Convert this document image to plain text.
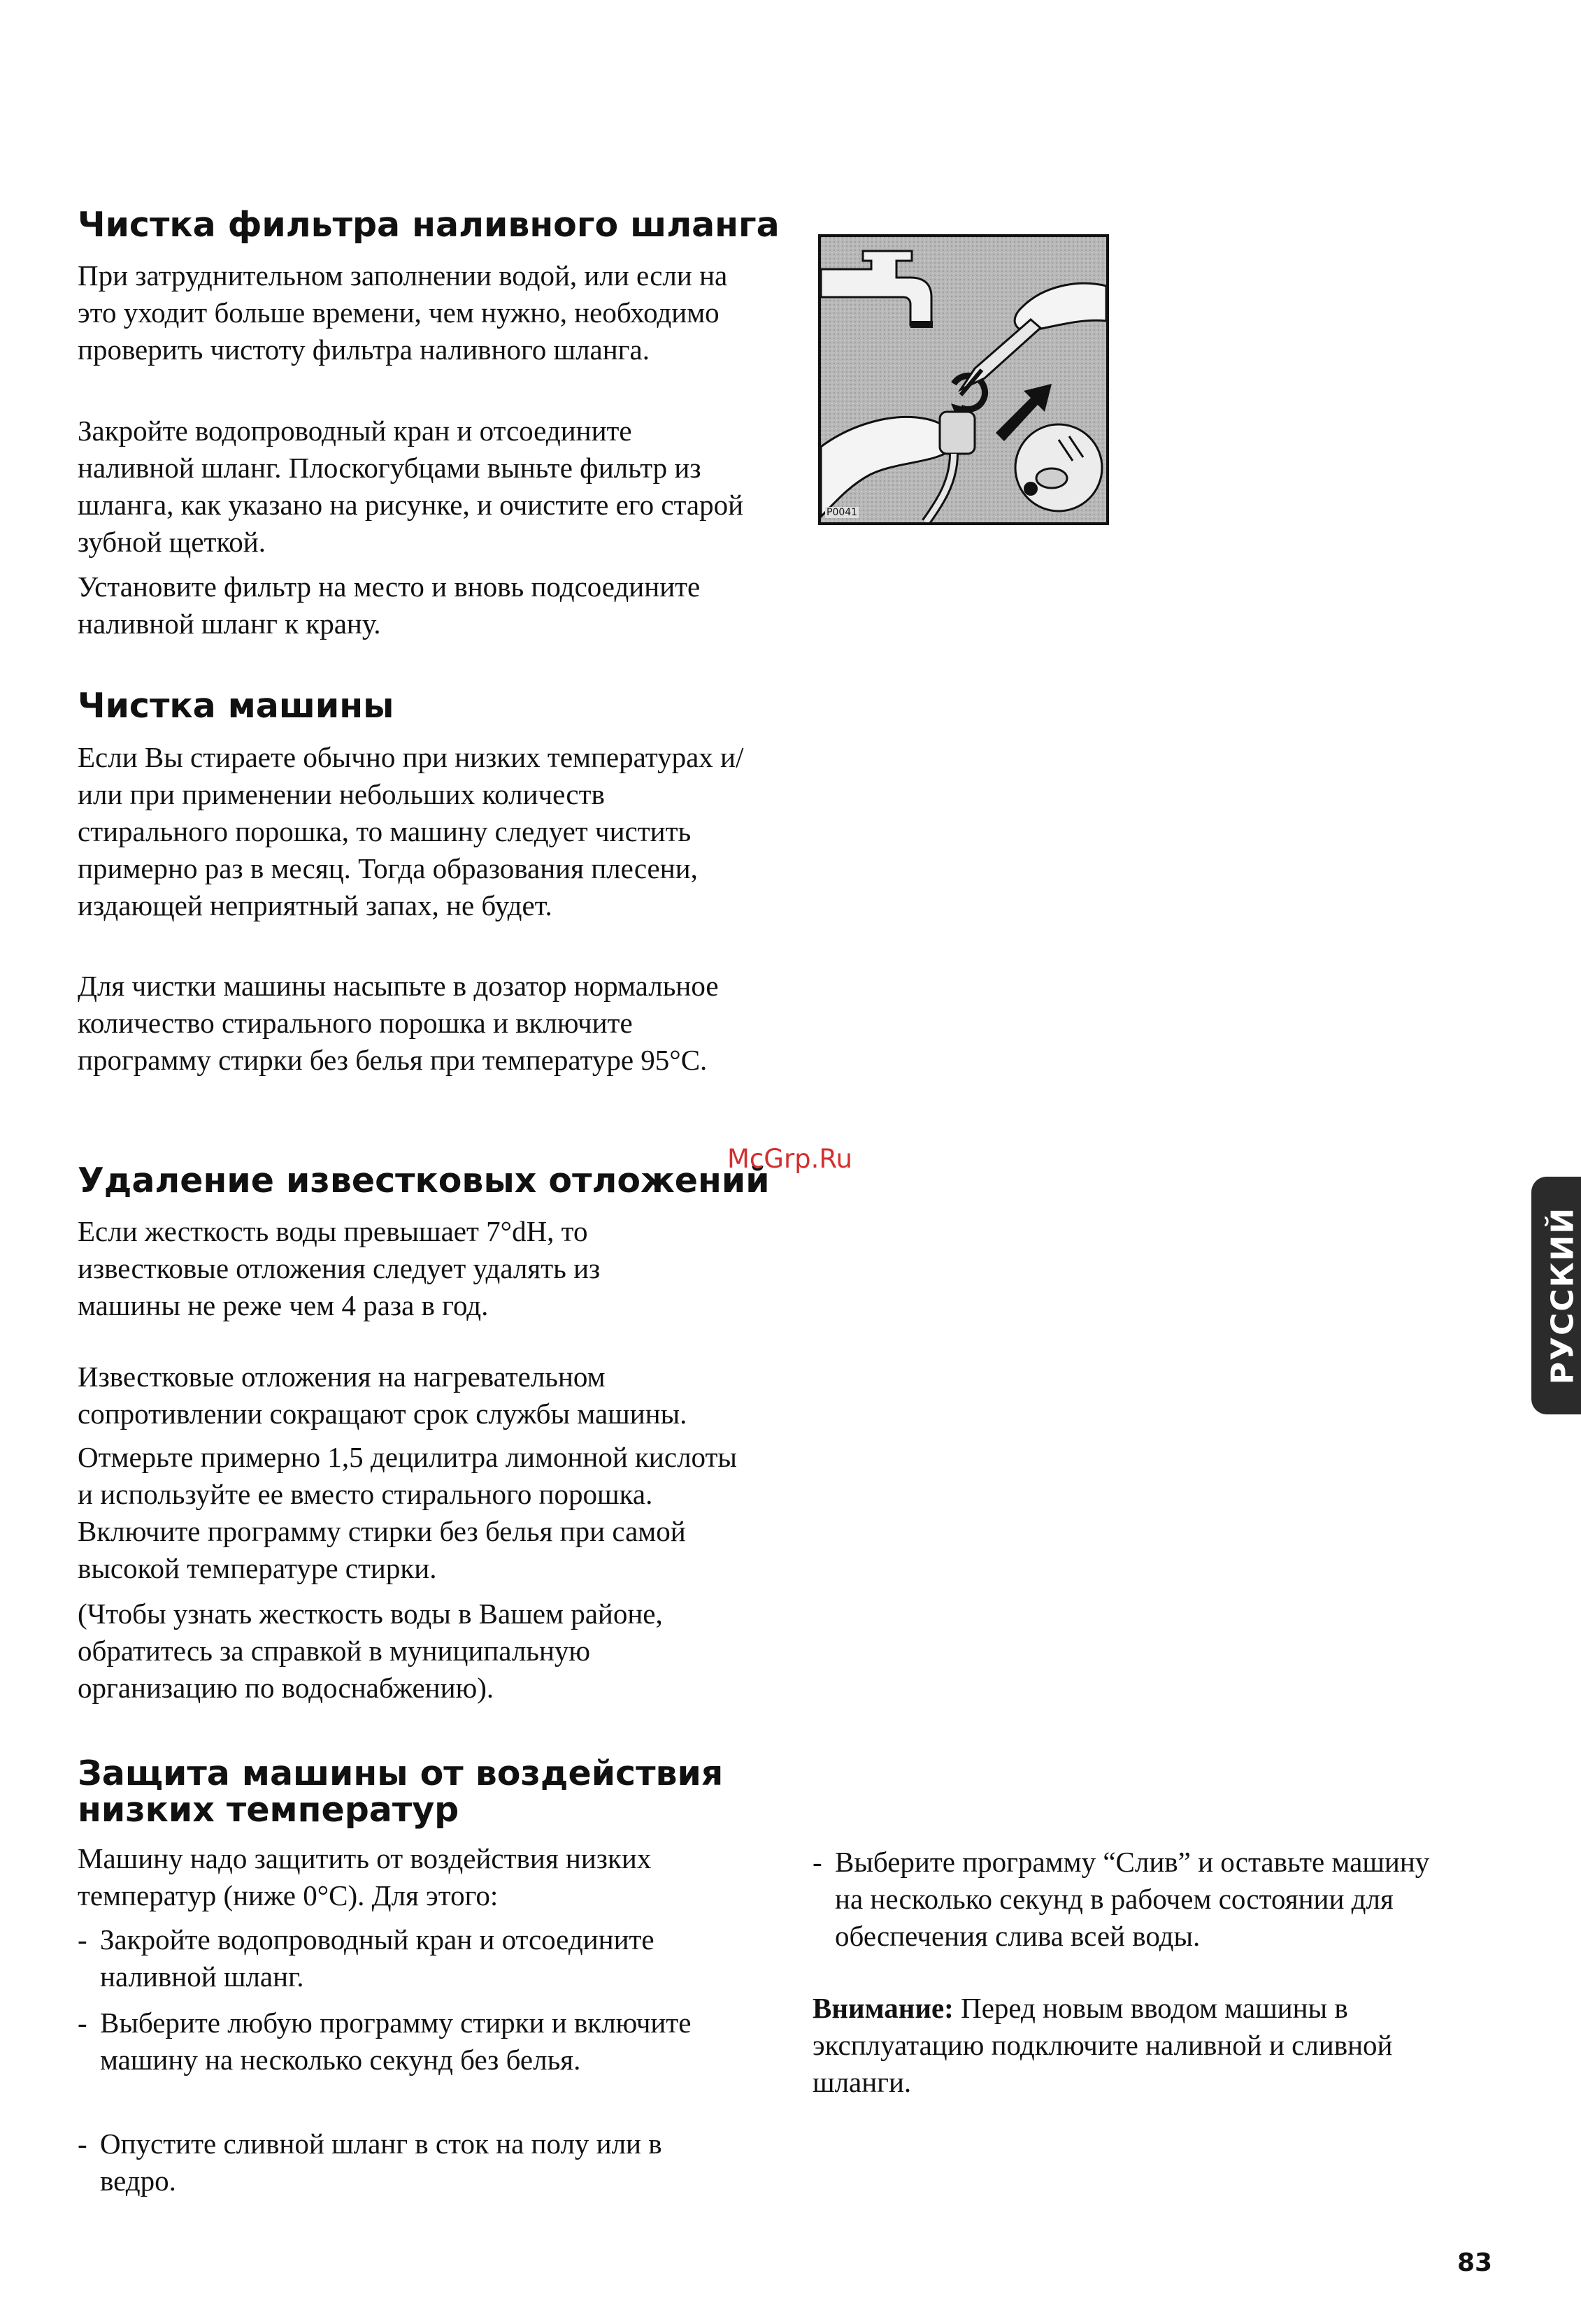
Чистка фильтра наливного шланга

При затруднительном заполнении водой, или если на это уходит больше времени, чем нужно, необходимо проверить чистоту фильтра наливного шланга.

Закройте водопроводный кран и отсоедините наливной шланг. Плоскогубцами выньте фильтр из шланга, как указано на рисунке, и очистите его старой зубной щеткой.

Установите фильтр на место и вновь подсоедините наливной шланг к крану.

P0041
Чистка машины

Если Вы стираете обычно при низких температурах и/или при применении небольших количеств стирального порошка, то машину следует чистить примерно раз в месяц. Тогда образования плесени, издающей неприятный запах, не будет.

Для чистки машины насыпьте в дозатор нормальное количество стирального порошка и включите программу стирки без белья при температуре 95°С.

Удаление известковых отложений

McGrp.Ru

Если жесткость воды превышает 7°dH, то известковые отложения следует удалять из машины не реже чем 4 раза в год.

Известковые отложения на нагревательном сопротивлении сокращают срок службы машины.

Отмерьте примерно 1,5 децилитра лимонной кислоты и используйте ее вместо стирального порошка. Включите программу стирки без белья при самой высокой температуре стирки.

(Чтобы узнать жесткость воды в Вашем районе, обратитесь за справкой в муниципальную организацию по водоснабжению).

Защита машины от воздействия
низких температур

Машину надо защитить от воздействия низких температур (ниже 0°С). Для этого:

- Закройте водопроводный кран и отсоедините наливной шланг.
- Выберите любую программу стирки и включите машину на несколько секунд без белья.
- Опустите сливной шланг в сток на полу или в ведро.
- Выберите программу “Слив” и оставьте машину на несколько секунд в рабочем состоянии для обеспечения слива всей воды.

Внимание: Перед новым вводом машины в эксплуатацию подключите наливной и сливной шланги.

РУССКИЙ

83
